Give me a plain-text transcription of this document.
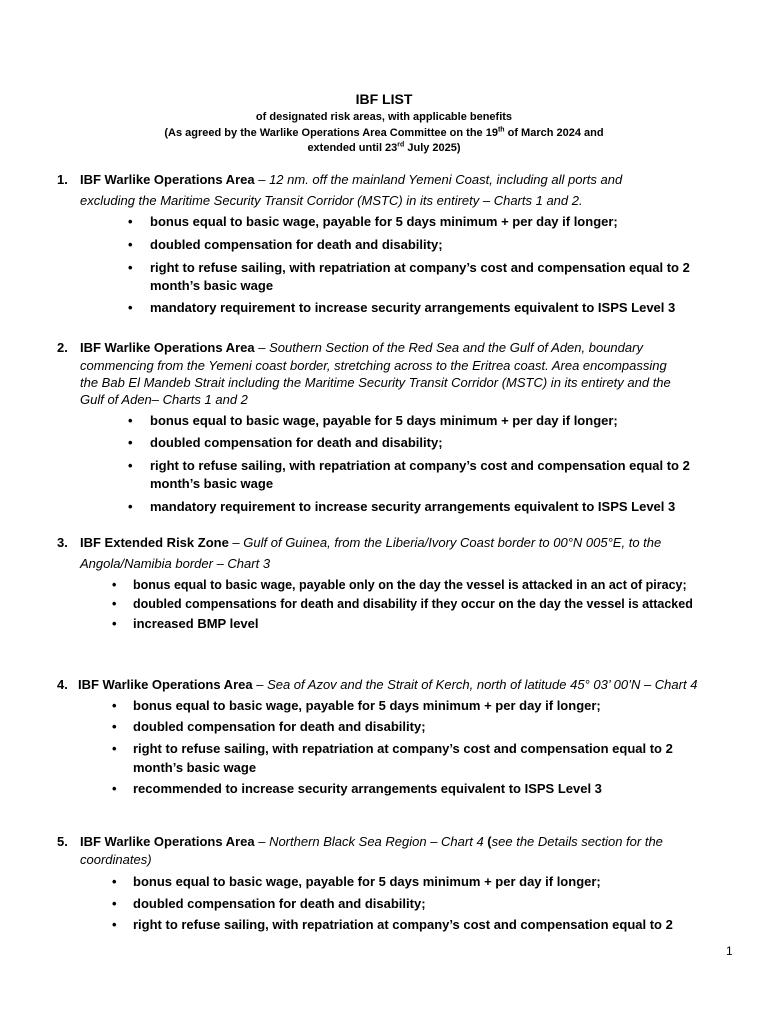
IBF LIST
of designated risk areas, with applicable benefits
(As agreed by the Warlike Operations Area Committee on the 19th of March 2024 and
extended until 23rd July 2025)
1. IBF Warlike Operations Area – 12 nm. off the mainland Yemeni Coast, including all ports and
excluding the Maritime Security Transit Corridor (MSTC) in its entirety – Charts 1 and 2.
• bonus equal to basic wage, payable for 5 days minimum + per day if longer;
• doubled compensation for death and disability;
• right to refuse sailing, with repatriation at company’s cost and compensation equal to 2
month’s basic wage
• mandatory requirement to increase security arrangements equivalent to ISPS Level 3
2. IBF Warlike Operations Area – Southern Section of the Red Sea and the Gulf of Aden, boundary
commencing from the Yemeni coast border, stretching across to the Eritrea coast. Area encompassing
the Bab El Mandeb Strait including the Maritime Security Transit Corridor (MSTC) in its entirety and the
Gulf of Aden– Charts 1 and 2
• bonus equal to basic wage, payable for 5 days minimum + per day if longer;
• doubled compensation for death and disability;
• right to refuse sailing, with repatriation at company’s cost and compensation equal to 2
month’s basic wage
• mandatory requirement to increase security arrangements equivalent to ISPS Level 3
3. IBF Extended Risk Zone – Gulf of Guinea, from the Liberia/Ivory Coast border to 00°N 005°E, to the
Angola/Namibia border – Chart 3
• bonus equal to basic wage, payable only on the day the vessel is attacked in an act of piracy;
• doubled compensations for death and disability if they occur on the day the vessel is attacked
• increased BMP level
4. IBF Warlike Operations Area – Sea of Azov and the Strait of Kerch, north of latitude 45° 03’ 00’N – Chart 4
• bonus equal to basic wage, payable for 5 days minimum + per day if longer;
• doubled compensation for death and disability;
• right to refuse sailing, with repatriation at company’s cost and compensation equal to 2
month’s basic wage
• recommended to increase security arrangements equivalent to ISPS Level 3
5. IBF Warlike Operations Area – Northern Black Sea Region – Chart 4 (see the Details section for the
coordinates)
• bonus equal to basic wage, payable for 5 days minimum + per day if longer;
• doubled compensation for death and disability;
• right to refuse sailing, with repatriation at company’s cost and compensation equal to 2
1
